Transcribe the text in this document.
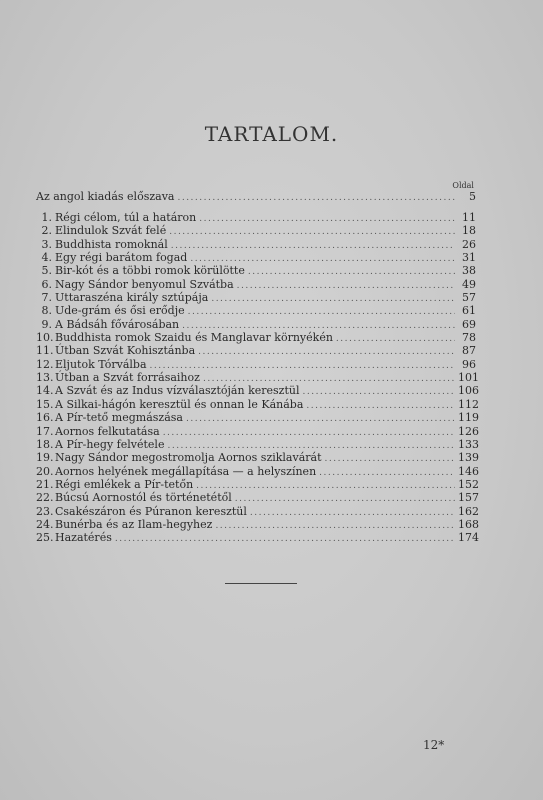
TARTALOM.
Oldal
Az angol kiadás előszava .....	5
1. Régi célom, túl a határon .....	11
2. Elindulok Szvát felé .....	18
3. Buddhista romoknál .....	26
4. Egy régi barátom fogad .....	31
5. Bir-kót és a többi romok körülötte .....	38
6. Nagy Sándor benyomul Szvátba .....	49
7. Uttaraszéna király sztúpája .....	57
8. Ude-grám és ősi erődje .....	61
9. A Bádsáh fővárosában .....	69
10. Buddhista romok Szaidu és Manglavar környékén .....	78
11. Útban Szvát Kohisztánba .....	87
12. Eljutok Tórválba .....	96
13. Útban a Szvát forrásaihoz .....	101
14. A Szvát és az Indus vízválasztóján keresztül .....	106
15. A Silkai-hágón keresztül és onnan le Kánába .....	112
16. A Pír-tető megmászása .....	119
17. Aornos felkutatása .....	126
18. A Pír-hegy felvétele .....	133
19. Nagy Sándor megostromolja Aornos sziklavárát .....	139
20. Aornos helyének megállapítása — a helyszínen .....	146
21. Régi emlékek a Pír-tetőn .....	152
22. Búcsú Aornostól és történetétől .....	157
23. Csakészáron és Púranon keresztül .....	162
24. Bunérba és az Ilam-hegyhez .....	168
25. Hazatérés .....	174
12*
